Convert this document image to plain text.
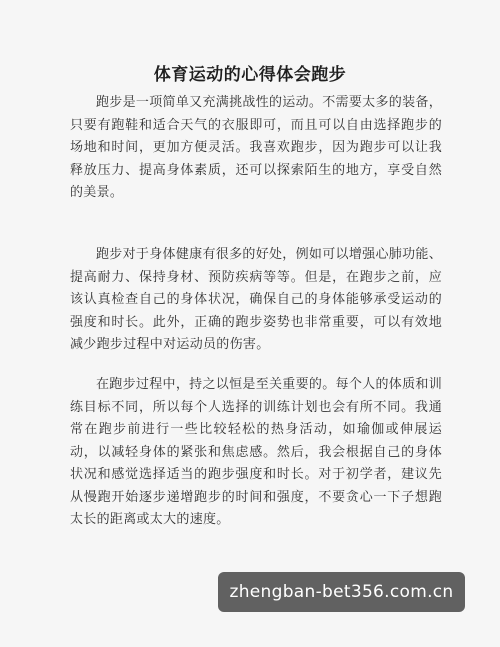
体育运动的心得体会跑步

跑步是一项简单又充满挑战性的运动。不需要太多的装备，只要有跑鞋和适合天气的衣服即可，而且可以自由选择跑步的场地和时间，更加方便灵活。我喜欢跑步，因为跑步可以让我释放压力、提高身体素质，还可以探索陌生的地方，享受自然的美景。

跑步对于身体健康有很多的好处，例如可以增强心肺功能、提高耐力、保持身材、预防疾病等等。但是，在跑步之前，应该认真检查自己的身体状况，确保自己的身体能够承受运动的强度和时长。此外，正确的跑步姿势也非常重要，可以有效地减少跑步过程中对运动员的伤害。

在跑步过程中，持之以恒是至关重要的。每个人的体质和训练目标不同，所以每个人选择的训练计划也会有所不同。我通常在跑步前进行一些比较轻松的热身活动，如瑜伽或伸展运动，以减轻身体的紧张和焦虑感。然后，我会根据自己的身体状况和感觉选择适当的跑步强度和时长。对于初学者，建议先从慢跑开始逐步递增跑步的时间和强度，不要贪心一下子想跑太长的距离或太大的速度。

zhengban-bet356.com.cn
